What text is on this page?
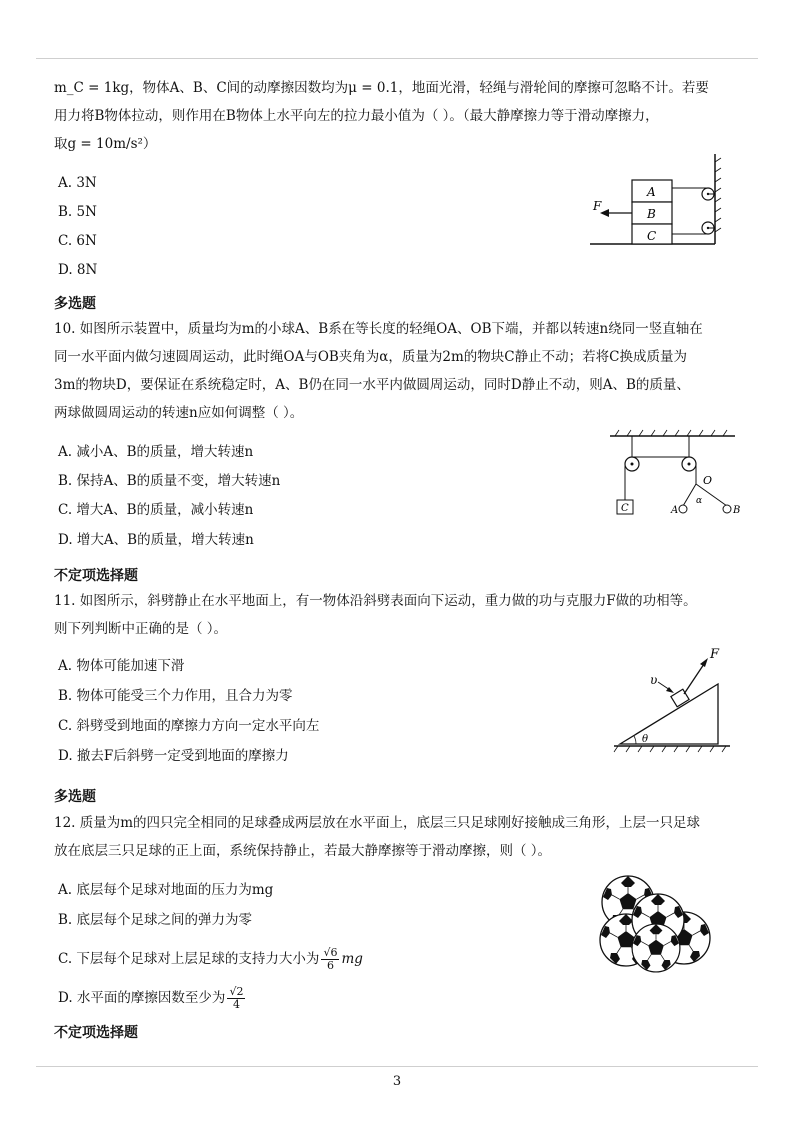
m_C = 1kg，物体A、B、C间的动摩擦因数均为μ = 0.1，地面光滑，轻绳与滑轮间的摩擦可忽略不计。若要
用力将B物体拉动，则作用在B物体上水平向左的拉力最小值为（ ）。（最大静摩擦力等于滑动摩擦力，
取g = 10m/s²）
A. 3N
B. 5N
C. 6N
D. 8N
A
B
C
F
多选题
10. 如图所示装置中，质量均为m的小球A、B系在等长度的轻绳OA、OB下端，并都以转速n绕同一竖直轴在
同一水平面内做匀速圆周运动，此时绳OA与OB夹角为α，质量为2m的物块C静止不动；若将C换成质量为
3m的物块D，要保证在系统稳定时，A、B仍在同一水平内做圆周运动，同时D静止不动，则A、B的质量、
两球做圆周运动的转速n应如何调整（ ）。
A. 减小A、B的质量，增大转速n
B. 保持A、B的质量不变，增大转速n
C. 增大A、B的质量，减小转速n
D. 增大A、B的质量，增大转速n
C
O
A	B
α
不定项选择题
11. 如图所示，斜劈静止在水平地面上，有一物体沿斜劈表面向下运动，重力做的功与克服力F做的功相等。
则下列判断中正确的是（ ）。
A. 物体可能加速下滑
B. 物体可能受三个力作用，且合力为零
C. 斜劈受到地面的摩擦力方向一定水平向左
D. 撤去F后斜劈一定受到地面的摩擦力
θ
F
υ
多选题
12. 质量为m的四只完全相同的足球叠成两层放在水平面上，底层三只足球刚好接触成三角形，上层一只足球
放在底层三只足球的正上面，系统保持静止，若最大静摩擦等于滑动摩擦，则（ ）。
A. 底层每个足球对地面的压力为mg
B. 底层每个足球之间的弹力为零
C. 下层每个足球对上层足球的支持力大小为 $\frac{√6}{6}$ mg
D. 水平面的摩擦因数至少为 $\frac{√2}{4}$
不定项选择题
3
